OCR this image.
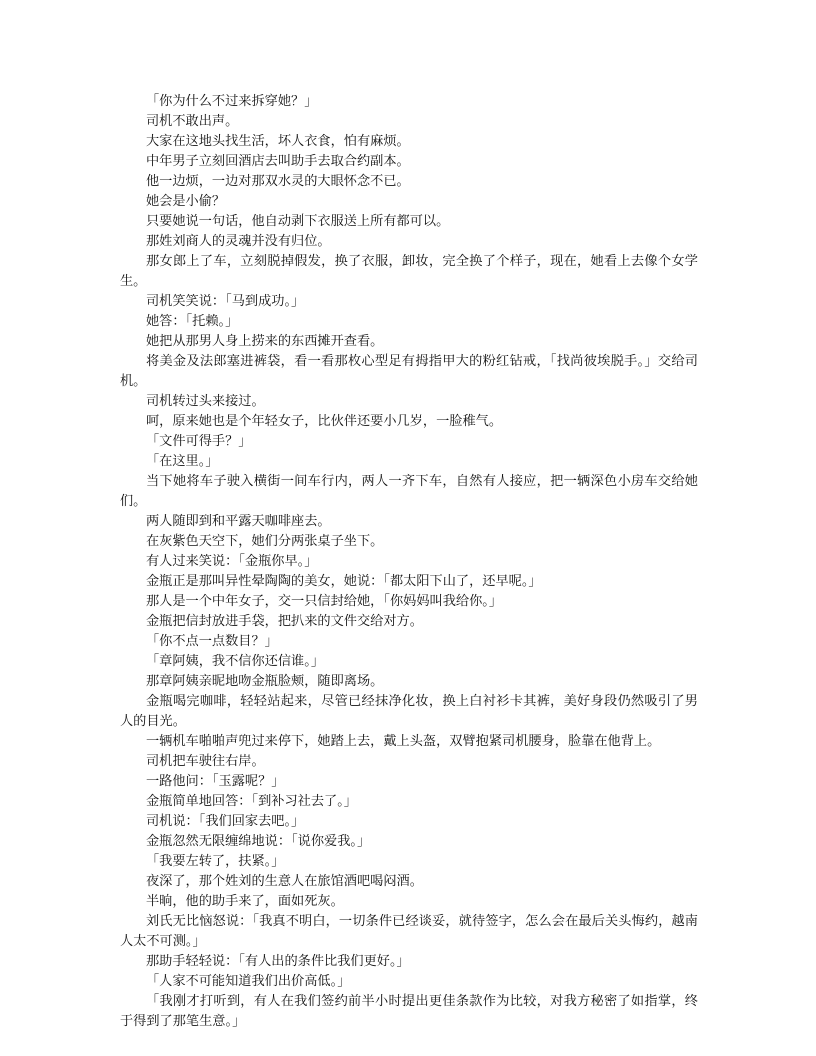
「你为什么不过来拆穿她？」

司机不敢出声。

大家在这地头找生活，坏人衣食，怕有麻烦。

中年男子立刻回酒店去叫助手去取合约副本。

他一边烦，一边对那双水灵的大眼怀念不已。

她会是小偷？

只要她说一句话，他自动剥下衣服送上所有都可以。

那姓刘商人的灵魂并没有归位。

那女郎上了车，立刻脱掉假发，换了衣服，卸妆，完全换了个样子，现在，她看上去像个女学生。

司机笑笑说：「马到成功。」

她答：「托赖。」

她把从那男人身上捞来的东西摊开查看。

将美金及法郎塞进裤袋，看一看那枚心型足有拇指甲大的粉红钻戒，「找尚彼埃脱手。」交给司机。

司机转过头来接过。

呵，原来她也是个年轻女子，比伙伴还要小几岁，一脸稚气。

「文件可得手？」

「在这里。」

当下她将车子驶入横街一间车行内，两人一齐下车，自然有人接应，把一辆深色小房车交给她们。

两人随即到和平露天咖啡座去。

在灰紫色天空下，她们分两张桌子坐下。

有人过来笑说：「金瓶你早。」

金瓶正是那叫异性晕陶陶的美女，她说：「都太阳下山了，还早呢。」

那人是一个中年女子，交一只信封给她，「你妈妈叫我给你。」

金瓶把信封放进手袋，把扒来的文件交给对方。

「你不点一点数目？」

「章阿姨，我不信你还信谁。」

那章阿姨亲昵地吻金瓶脸颊，随即离场。

金瓶喝完咖啡，轻轻站起来，尽管已经抹净化妆，换上白衬衫卡其裤，美好身段仍然吸引了男人的目光。

一辆机车啪啪声兜过来停下，她踏上去，戴上头盔，双臂抱紧司机腰身，脸靠在他背上。

司机把车驶往右岸。

一路他问：「玉露呢？」

金瓶简单地回答：「到补习社去了。」

司机说：「我们回家去吧。」

金瓶忽然无限缠绵地说：「说你爱我。」

「我要左转了，扶紧。」

夜深了，那个姓刘的生意人在旅馆酒吧喝闷酒。

半晌，他的助手来了，面如死灰。

刘氏无比恼怒说：「我真不明白，一切条件已经谈妥，就待签字，怎么会在最后关头悔约，越南人太不可测。」

那助手轻轻说：「有人出的条件比我们更好。」

「人家不可能知道我们出价高低。」

「我刚才打听到，有人在我们签约前半小时提出更佳条款作为比较，对我方秘密了如指掌，终于得到了那笔生意。」
